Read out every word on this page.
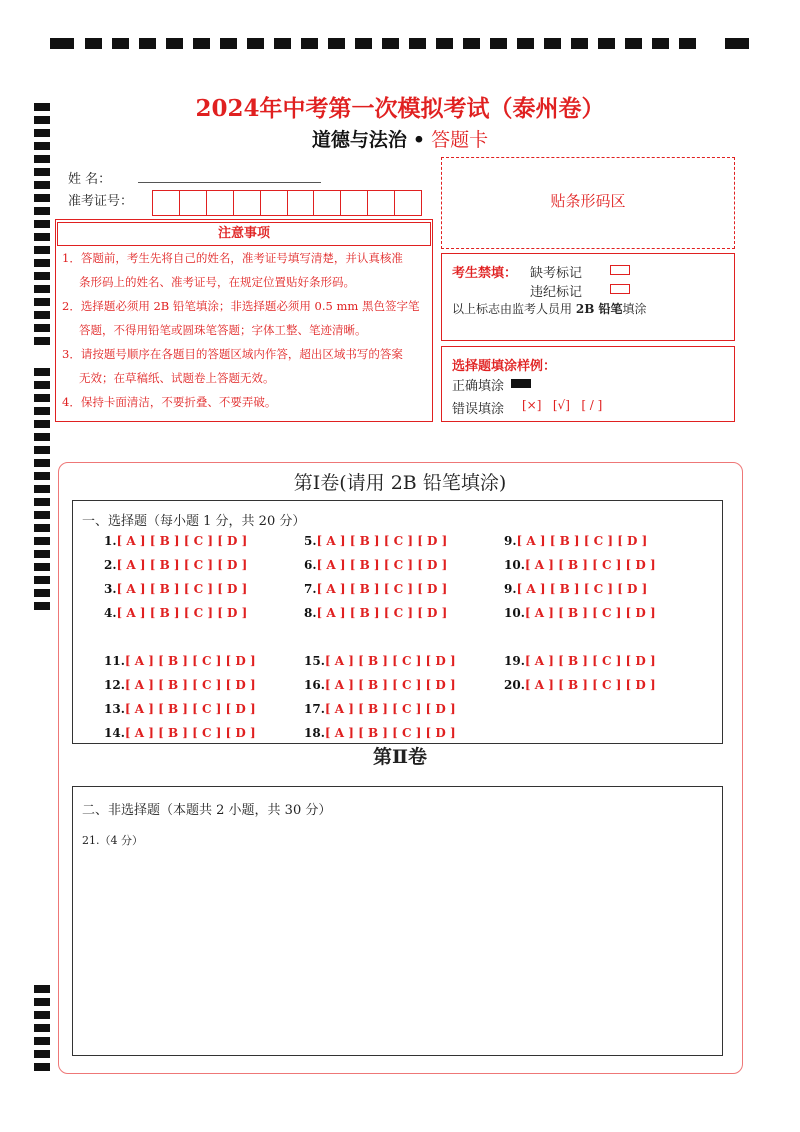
2024年中考第一次模拟考试（泰州卷）
道德与法治 • 答题卡
姓 名：
准考证号：
注意事项
1．答题前，考生先将自己的姓名，准考证号填写清楚，并认真核准
条形码上的姓名、准考证号，在规定位置贴好条形码。
2．选择题必须用 2B 铅笔填涂；非选择题必须用 0.5 mm 黑色签字笔
答题，不得用铅笔或圆珠笔答题；字体工整、笔迹清晰。
3．请按题号顺序在各题目的答题区域内作答，超出区域书写的答案
无效；在草稿纸、试题卷上答题无效。
4．保持卡面清洁，不要折叠、不要弄破。
贴条形码区
考生禁填： 缺考标记
违纪标记
以上标志由监考人员用 2B 铅笔填涂
选择题填涂样例：
正确填涂
错误填涂 [×]   [√]   [ / ]
第Ⅰ卷(请用 2B 铅笔填涂)
一、选择题（每小题 1 分，共 20 分）
1.[ A ] [ B ] [ C ] [ D ]
2.[ A ] [ B ] [ C ] [ D ]
3.[ A ] [ B ] [ C ] [ D ]
4.[ A ] [ B ] [ C ] [ D ]
5.[ A ] [ B ] [ C ] [ D ]
6.[ A ] [ B ] [ C ] [ D ]
7.[ A ] [ B ] [ C ] [ D ]
8.[ A ] [ B ] [ C ] [ D ]
9.[ A ] [ B ] [ C ] [ D ]
10.[ A ] [ B ] [ C ] [ D ]
9.[ A ] [ B ] [ C ] [ D ]
10.[ A ] [ B ] [ C ] [ D ]
11.[ A ] [ B ] [ C ] [ D ]
12.[ A ] [ B ] [ C ] [ D ]
13.[ A ] [ B ] [ C ] [ D ]
14.[ A ] [ B ] [ C ] [ D ]
15.[ A ] [ B ] [ C ] [ D ]
16.[ A ] [ B ] [ C ] [ D ]
17.[ A ] [ B ] [ C ] [ D ]
18.[ A ] [ B ] [ C ] [ D ]
19.[ A ] [ B ] [ C ] [ D ]
20.[ A ] [ B ] [ C ] [ D ]
第Ⅱ卷
二、非选择题（本题共 2 小题，共 30 分）
21.（4 分）
